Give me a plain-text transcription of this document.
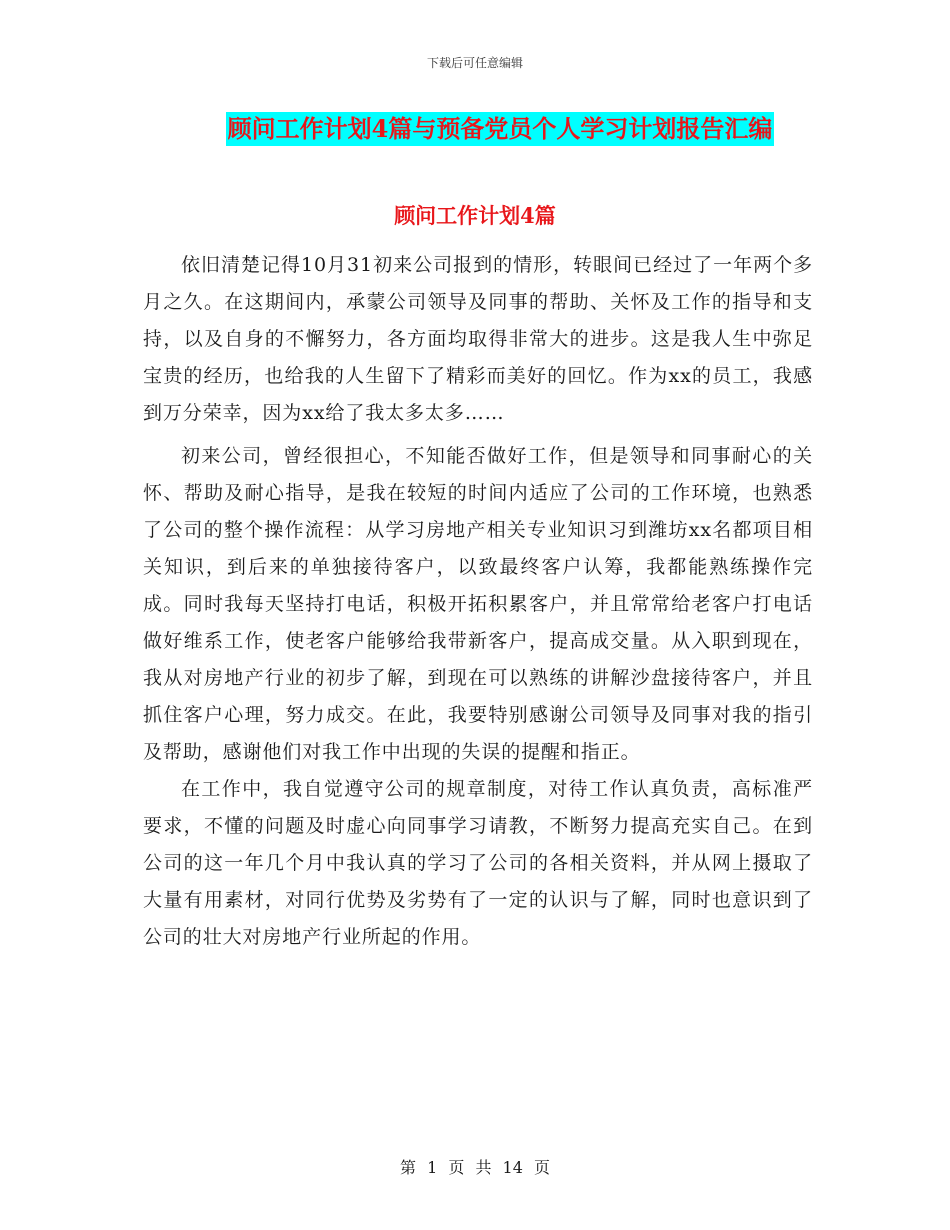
下载后可任意编辑
顾问工作计划4篇与预备党员个人学习计划报告汇编
顾问工作计划4篇

依旧清楚记得10月31初来公司报到的情形，转眼间已经过了一年两个多月之久。在这期间内，承蒙公司领导及同事的帮助、关怀及工作的指导和支持，以及自身的不懈努力，各方面均取得非常大的进步。这是我人生中弥足宝贵的经历，也给我的人生留下了精彩而美好的回忆。作为xx的员工，我感到万分荣幸，因为xx给了我太多太多……

初来公司，曾经很担心，不知能否做好工作，但是领导和同事耐心的关怀、帮助及耐心指导，是我在较短的时间内适应了公司的工作环境，也熟悉了公司的整个操作流程：从学习房地产相关专业知识习到潍坊xx名都项目相关知识，到后来的单独接待客户，以致最终客户认筹，我都能熟练操作完成。同时我每天坚持打电话，积极开拓积累客户，并且常常给老客户打电话做好维系工作，使老客户能够给我带新客户，提高成交量。从入职到现在，我从对房地产行业的初步了解，到现在可以熟练的讲解沙盘接待客户，并且抓住客户心理，努力成交。在此，我要特别感谢公司领导及同事对我的指引及帮助，感谢他们对我工作中出现的失误的提醒和指正。

在工作中，我自觉遵守公司的规章制度，对待工作认真负责，高标准严要求，不懂的问题及时虚心向同事学习请教，不断努力提高充实自己。在到公司的这一年几个月中我认真的学习了公司的各相关资料，并从网上摄取了大量有用素材，对同行优势及劣势有了一定的认识与了解，同时也意识到了公司的壮大对房地产行业所起的作用。

第 1 页 共 14 页
